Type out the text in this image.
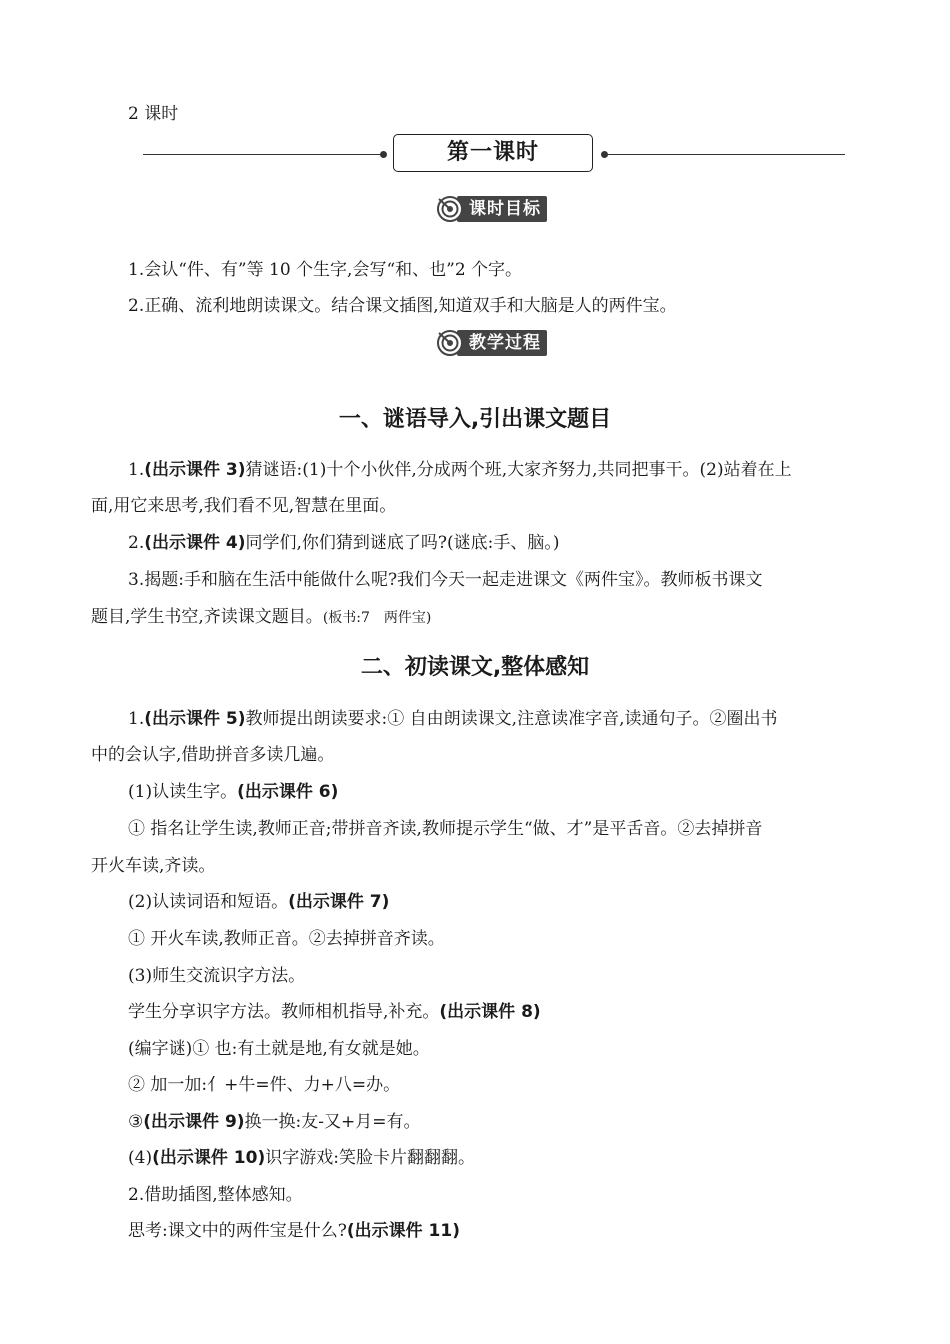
2 课时
第一课时
课时目标
1.会认“件、有”等 10 个生字,会写“和、也”2 个字。
2.正确、流利地朗读课文。结合课文插图,知道双手和大脑是人的两件宝。
教学过程
一、谜语导入,引出课文题目
1.(出示课件 3)猜谜语:(1)十个小伙伴,分成两个班,大家齐努力,共同把事干。(2)站着在上
面,用它来思考,我们看不见,智慧在里面。
2.(出示课件 4)同学们,你们猜到谜底了吗?(谜底:手、脑。)
3.揭题:手和脑在生活中能做什么呢?我们今天一起走进课文《两件宝》。教师板书课文
题目,学生书空,齐读课文题目。(板书:7　两件宝)
二、初读课文,整体感知
1.(出示课件 5)教师提出朗读要求:① 自由朗读课文,注意读准字音,读通句子。②圈出书
中的会认字,借助拼音多读几遍。
(1)认读生字。(出示课件 6)
① 指名让学生读,教师正音;带拼音齐读,教师提示学生“做、才”是平舌音。②去掉拼音
开火车读,齐读。
(2)认读词语和短语。(出示课件 7)
① 开火车读,教师正音。②去掉拼音齐读。
(3)师生交流识字方法。
学生分享识字方法。教师相机指导,补充。(出示课件 8)
(编字谜)① 也:有土就是地,有女就是她。
② 加一加:亻+牛=件、力+八=办。
③(出示课件 9)换一换:友-又+月=有。
(4)(出示课件 10)识字游戏:笑脸卡片翻翻翻。
2.借助插图,整体感知。
思考:课文中的两件宝是什么?(出示课件 11)
